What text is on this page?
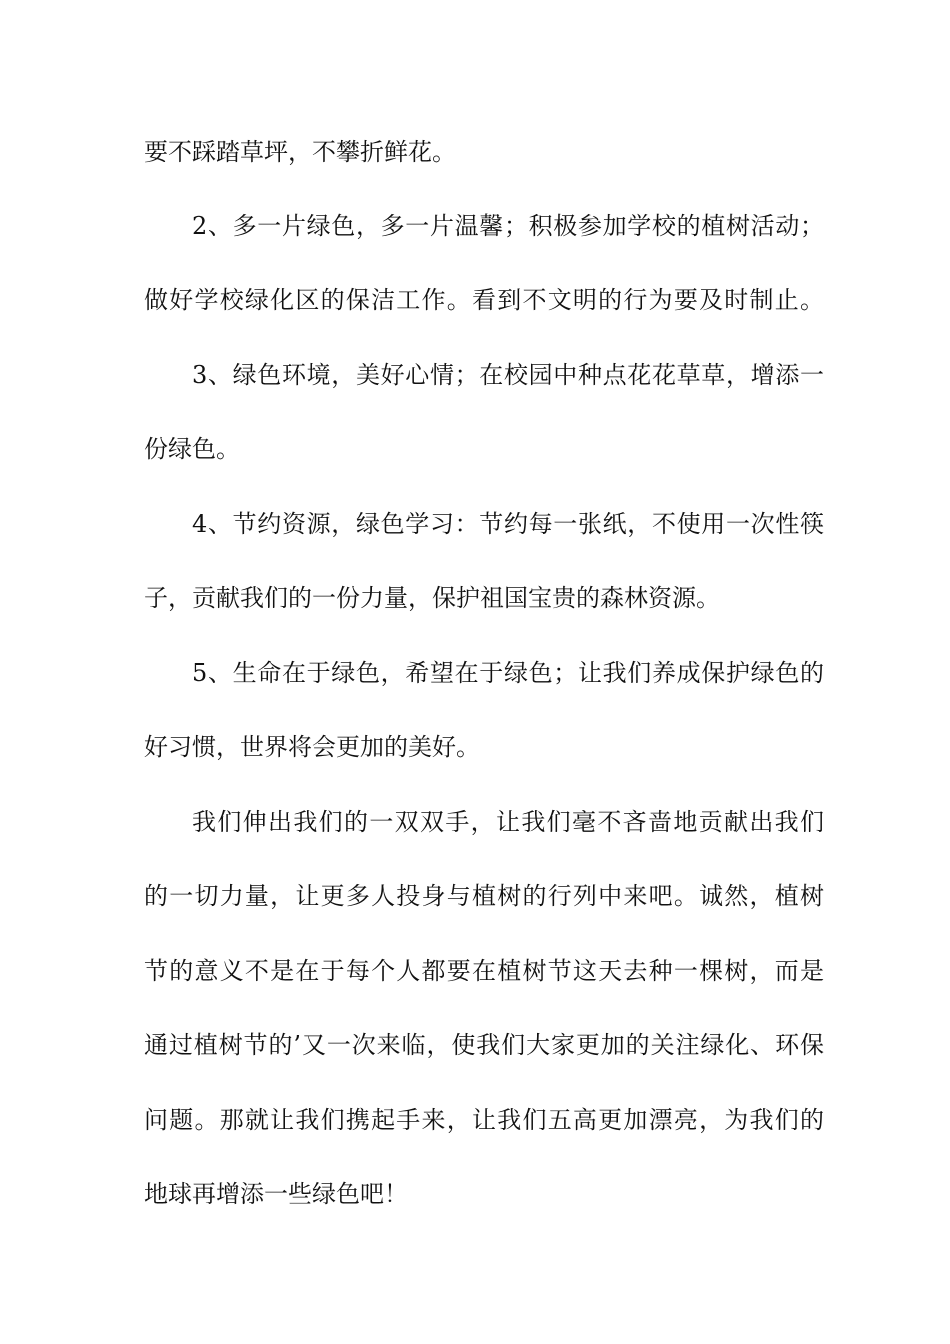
要不踩踏草坪，不攀折鲜花。
2、多一片绿色，多一片温馨；积极参加学校的植树活动；
做好学校绿化区的保洁工作。看到不文明的行为要及时制止。
3、绿色环境，美好心情；在校园中种点花花草草，增添一
份绿色。
4、节约资源，绿色学习：节约每一张纸，不使用一次性筷
子，贡献我们的一份力量，保护祖国宝贵的森林资源。
5、生命在于绿色，希望在于绿色；让我们养成保护绿色的
好习惯，世界将会更加的美好。
我们伸出我们的一双双手，让我们毫不吝啬地贡献出我们
的一切力量，让更多人投身与植树的行列中来吧。诚然，植树
节的意义不是在于每个人都要在植树节这天去种一棵树，而是
通过植树节的’又一次来临，使我们大家更加的关注绿化、环保
问题。那就让我们携起手来，让我们五高更加漂亮，为我们的
地球再增添一些绿色吧！
